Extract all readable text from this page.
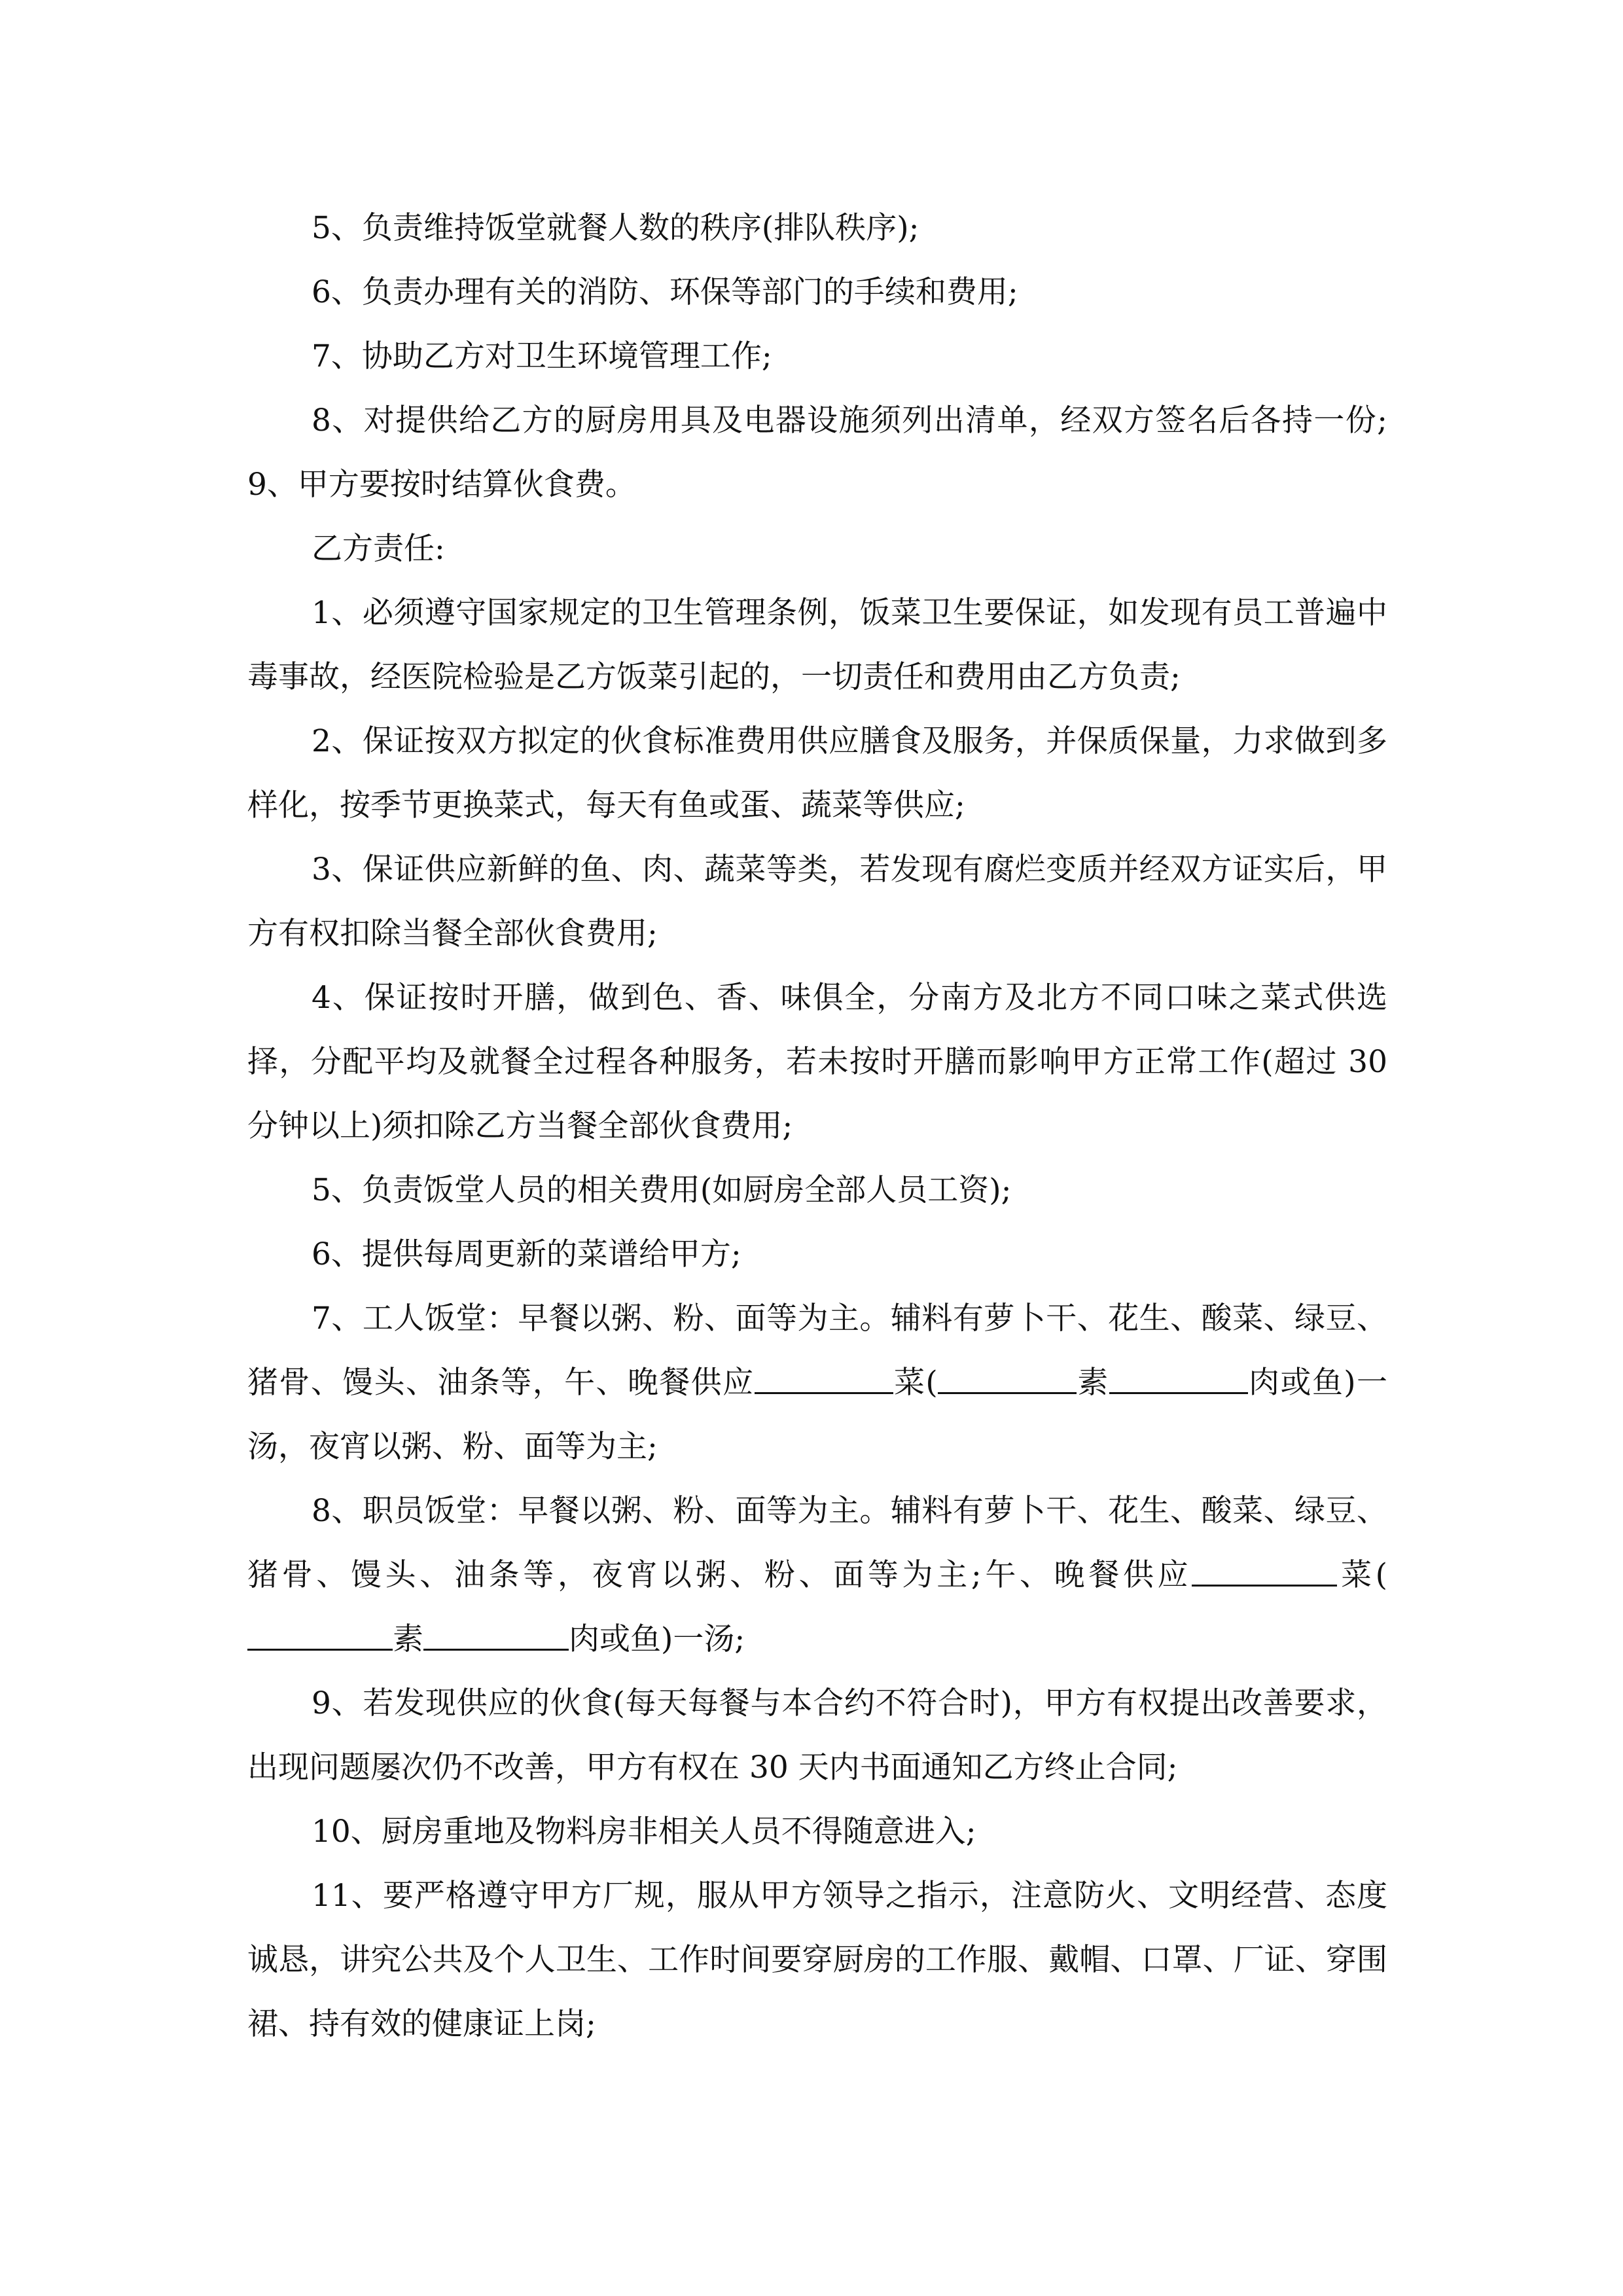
5、负责维持饭堂就餐人数的秩序(排队秩序);

6、负责办理有关的消防、环保等部门的手续和费用;

7、协助乙方对卫生环境管理工作;

8、对提供给乙方的厨房用具及电器设施须列出清单，经双方签名后各持一份;9、甲方要按时结算伙食费。

乙方责任:

1、必须遵守国家规定的卫生管理条例，饭菜卫生要保证，如发现有员工普遍中毒事故，经医院检验是乙方饭菜引起的，一切责任和费用由乙方负责;

2、保证按双方拟定的伙食标准费用供应膳食及服务，并保质保量，力求做到多样化，按季节更换菜式，每天有鱼或蛋、蔬菜等供应;

3、保证供应新鲜的鱼、肉、蔬菜等类，若发现有腐烂变质并经双方证实后，甲方有权扣除当餐全部伙食费用;

4、保证按时开膳，做到色、香、味俱全，分南方及北方不同口味之菜式供选择，分配平均及就餐全过程各种服务，若未按时开膳而影响甲方正常工作(超过 30 分钟以上)须扣除乙方当餐全部伙食费用;

5、负责饭堂人员的相关费用(如厨房全部人员工资);

6、提供每周更新的菜谱给甲方;

7、工人饭堂：早餐以粥、粉、面等为主。辅料有萝卜干、花生、酸菜、绿豆、猪骨、馒头、油条等，午、晚餐供应	菜(	素	肉或鱼)一汤，夜宵以粥、粉、面等为主;

8、职员饭堂：早餐以粥、粉、面等为主。辅料有萝卜干、花生、酸菜、绿豆、猪骨、馒头、油条等，夜宵以粥、粉、面等为主;午、晚餐供应	菜(素	肉或鱼)一汤;

9、若发现供应的伙食(每天每餐与本合约不符合时)，甲方有权提出改善要求，出现问题屡次仍不改善，甲方有权在 30 天内书面通知乙方终止合同;

10、厨房重地及物料房非相关人员不得随意进入;

11、要严格遵守甲方厂规，服从甲方领导之指示，注意防火、文明经营、态度诚恳，讲究公共及个人卫生、工作时间要穿厨房的工作服、戴帽、口罩、厂证、穿围裙、持有效的健康证上岗;
